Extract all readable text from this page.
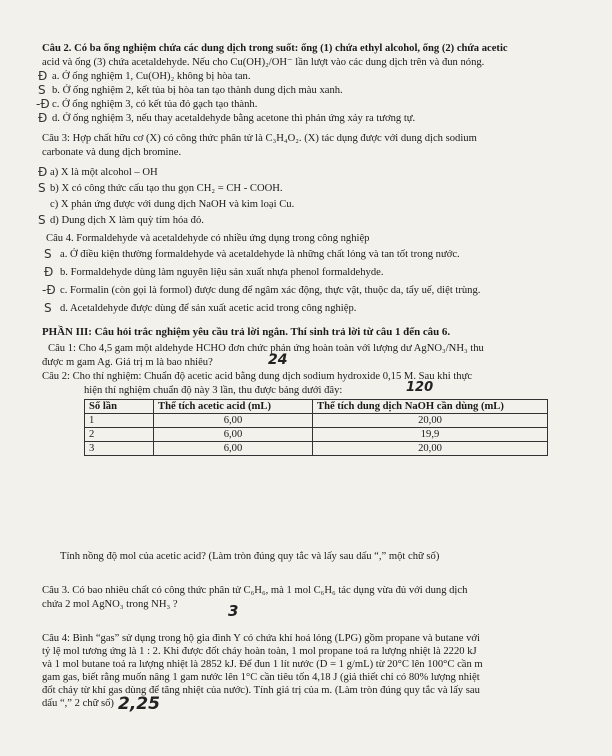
Câu 2. Có ba ống nghiệm chứa các dung dịch trong suốt: ống (1) chứa ethyl alcohol, ống (2) chứa acetic
acid và ống (3) chứa acetaldehyde. Nếu cho Cu(OH)₂/OH⁻ lần lượt vào các dung dịch trên và đun nóng.
Ð a. Ở ống nghiệm 1, Cu(OH)₂ không bị hòa tan.
S b. Ở ống nghiệm 2, kết tủa bị hòa tan tạo thành dung dịch màu xanh.
-Ð c. Ở ống nghiệm 3, có kết tủa đỏ gạch tạo thành.
Ð d. Ở ống nghiệm 3, nếu thay acetaldehyde bằng acetone thì phản ứng xảy ra tương tự.
Câu 3: Hợp chất hữu cơ (X) có công thức phân tử là C₃H₄O₂. (X) tác dụng được với dung dịch sodium
carbonate và dung dịch bromine.
Ð a) X là một alcohol – OH
S b) X có công thức cấu tạo thu gọn CH₂ = CH - COOH.
c) X phản ứng được với dung dịch NaOH và kim loại Cu.
S d) Dung dịch X làm quỳ tím hóa đỏ.
Câu 4. Formaldehyde và acetaldehyde có nhiều ứng dụng trong công nghiệp
S a. Ở điều kiện thường formaldehyde và acetaldehyde là những chất lỏng và tan tốt trong nước.
Ð b. Formaldehyde dùng làm nguyên liệu sản xuất nhựa phenol formaldehyde.
-Ð c. Formalin (còn gọi là formol) được dung để ngâm xác động, thực vật, thuộc da, tẩy uế, diệt trùng.
S d. Acetaldehyde được dùng để sản xuất acetic acid trong công nghiệp.
PHẦN III: Câu hỏi trắc nghiệm yêu cầu trả lời ngắn. Thí sinh trả lời từ câu 1 đến câu 6.
Câu 1: Cho 4,5 gam một aldehyde HCHO đơn chức phản ứng hoàn toàn với lượng dư AgNO₃/NH₃ thu
được m gam Ag. Giá trị m là bao nhiêu?	24
Câu 2: Cho thí nghiệm: Chuẩn độ acetic acid bằng dung dịch sodium hydroxide 0,15 M. Sau khi thực
hiện thí nghiệm chuẩn độ này 3 lần, thu được bảng dưới đây:	120
Số lần	Thể tích acetic acid (mL)	Thể tích dung dịch NaOH cần dùng (mL)
1	6,00	20,00
2	6,00	19,9
3	6,00	20,00
Tính nồng độ mol của acetic acid? (Làm tròn đúng quy tắc và lấy sau dấu “,” một chữ số)
Câu 3. Có bao nhiêu chất có công thức phân tử C₆H₆, mà 1 mol C₆H₆ tác dụng vừa đủ với dung dịch
chứa 2 mol AgNO₃ trong NH₃ ?	3
Câu 4: Bình “gas” sử dụng trong hộ gia đình Y có chứa khí hoá lỏng (LPG) gồm propane và butane với
tỷ lệ mol tương ứng là 1 : 2. Khi được đốt cháy hoàn toàn, 1 mol propane toả ra lượng nhiệt là 2220 kJ
và 1 mol butane toả ra lượng nhiệt là 2852 kJ. Để đun 1 lít nước (D = 1 g/mL) từ 20°C lên 100°C cần m
gam gas, biết rằng muốn nâng 1 gam nước lên 1°C cần tiêu tốn 4,18 J (giả thiết chỉ có 80% lượng nhiệt
đốt cháy từ khí gas dùng để tăng nhiệt của nước). Tính giá trị của m. (Làm tròn đúng quy tắc và lấy sau
dấu “,” 2 chữ số) 2,25
